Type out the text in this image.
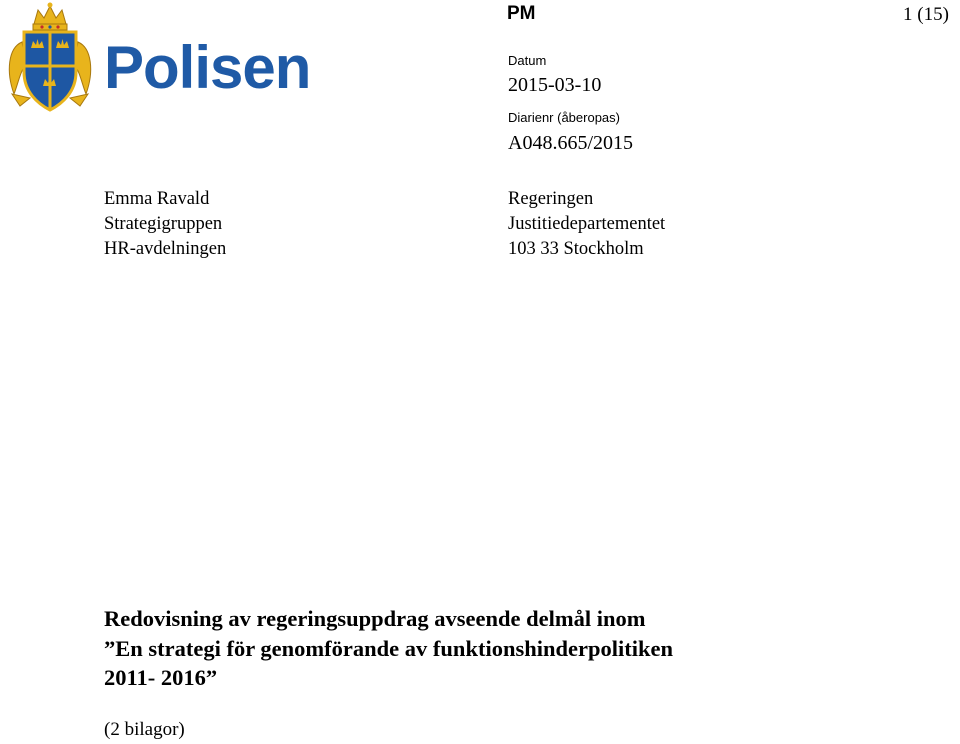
Polisen
PM	1 (15)
Datum
2015-03-10
Diarienr (åberopas)
A048.665/2015
Emma Ravald
Strategigruppen
HR-avdelningen
Regeringen
Justitiedepartementet
103 33 Stockholm
Redovisning av regeringsuppdrag avseende delmål inom
”En strategi för genomförande av funktionshinderpolitiken
2011- 2016”
(2 bilagor)
